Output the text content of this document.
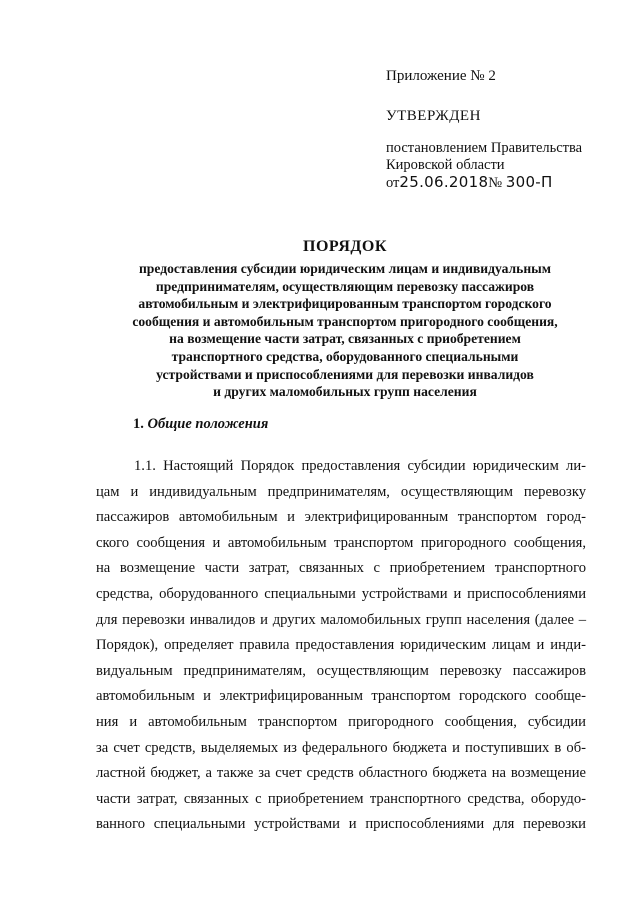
Приложение № 2
УТВЕРЖДЕН
постановлением Правительства
Кировской области
от25.06.2018№ 300-П
ПОРЯДОК
предоставления субсидии юридическим лицам и индивидуальным
предпринимателям, осуществляющим перевозку пассажиров
автомобильным и электрифицированным транспортом городского
сообщения и автомобильным транспортом пригородного сообщения,
на возмещение части затрат, связанных с приобретением
транспортного средства, оборудованного специальными
устройствами и приспособлениями для перевозки инвалидов
и других маломобильных групп населения
1. Общие положения
1.1. Настоящий Порядок предоставления субсидии юридическим ли-
цам и индивидуальным предпринимателям, осуществляющим перевозку
пассажиров автомобильным и электрифицированным транспортом город-
ского сообщения и автомобильным транспортом пригородного сообщения,
на возмещение части затрат, связанных с приобретением транспортного
средства, оборудованного специальными устройствами и приспособлениями
для перевозки инвалидов и других маломобильных групп населения (далее –
Порядок), определяет правила предоставления юридическим лицам и инди-
видуальным предпринимателям, осуществляющим перевозку пассажиров
автомобильным и электрифицированным транспортом городского сообще-
ния и автомобильным транспортом пригородного сообщения, субсидии
за счет средств, выделяемых из федерального бюджета и поступивших в об-
ластной бюджет, а также за счет средств областного бюджета на возмещение
части затрат, связанных с приобретением транспортного средства, оборудо-
ванного специальными устройствами и приспособлениями для перевозки
